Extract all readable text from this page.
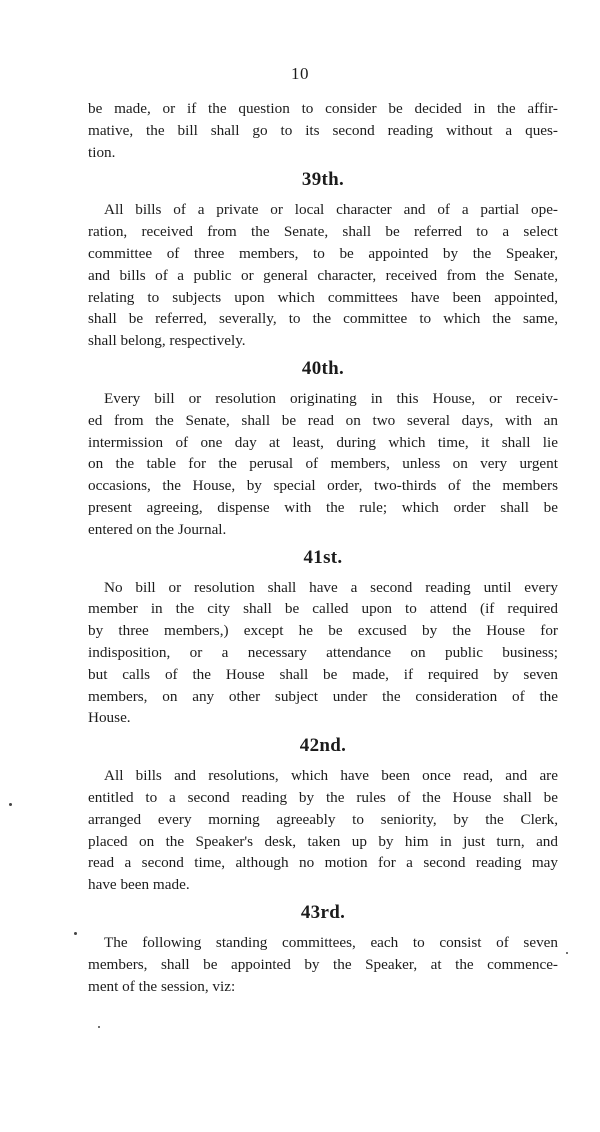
10
be made, or if the question to consider be decided in the affir-
mative, the bill shall go to its second reading without a ques-
tion.
39th.
All bills of a private or local character and of a partial ope-
ration, received from the Senate, shall be referred to a select
committee of three members, to be appointed by the Speaker,
and bills of a public or general character, received from the Senate,
relating to subjects upon which committees have been appointed,
shall be referred, severally, to the committee to which the same,
shall belong, respectively.
40th.
Every bill or resolution originating in this House, or receiv-
ed from the Senate, shall be read on two several days, with an
intermission of one day at least, during which time, it shall lie
on the table for the perusal of members, unless on very urgent
occasions, the House, by special order, two-thirds of the members
present agreeing, dispense with the rule; which order shall be
entered on the Journal.
41st.
No bill or resolution shall have a second reading until every
member in the city shall be called upon to attend (if required
by three members,) except he be excused by the House for
indisposition, or a necessary attendance on public business;
but calls of the House shall be made, if required by seven
members, on any other subject under the consideration of the
House.
42nd.
All bills and resolutions, which have been once read, and are
entitled to a second reading by the rules of the House shall be
arranged every morning agreeably to seniority, by the Clerk,
placed on the Speaker's desk, taken up by him in just turn, and
read a second time, although no motion for a second reading may
have been made.
43rd.
The following standing committees, each to consist of seven
members, shall be appointed by the Speaker, at the commence-
ment of the session, viz:
